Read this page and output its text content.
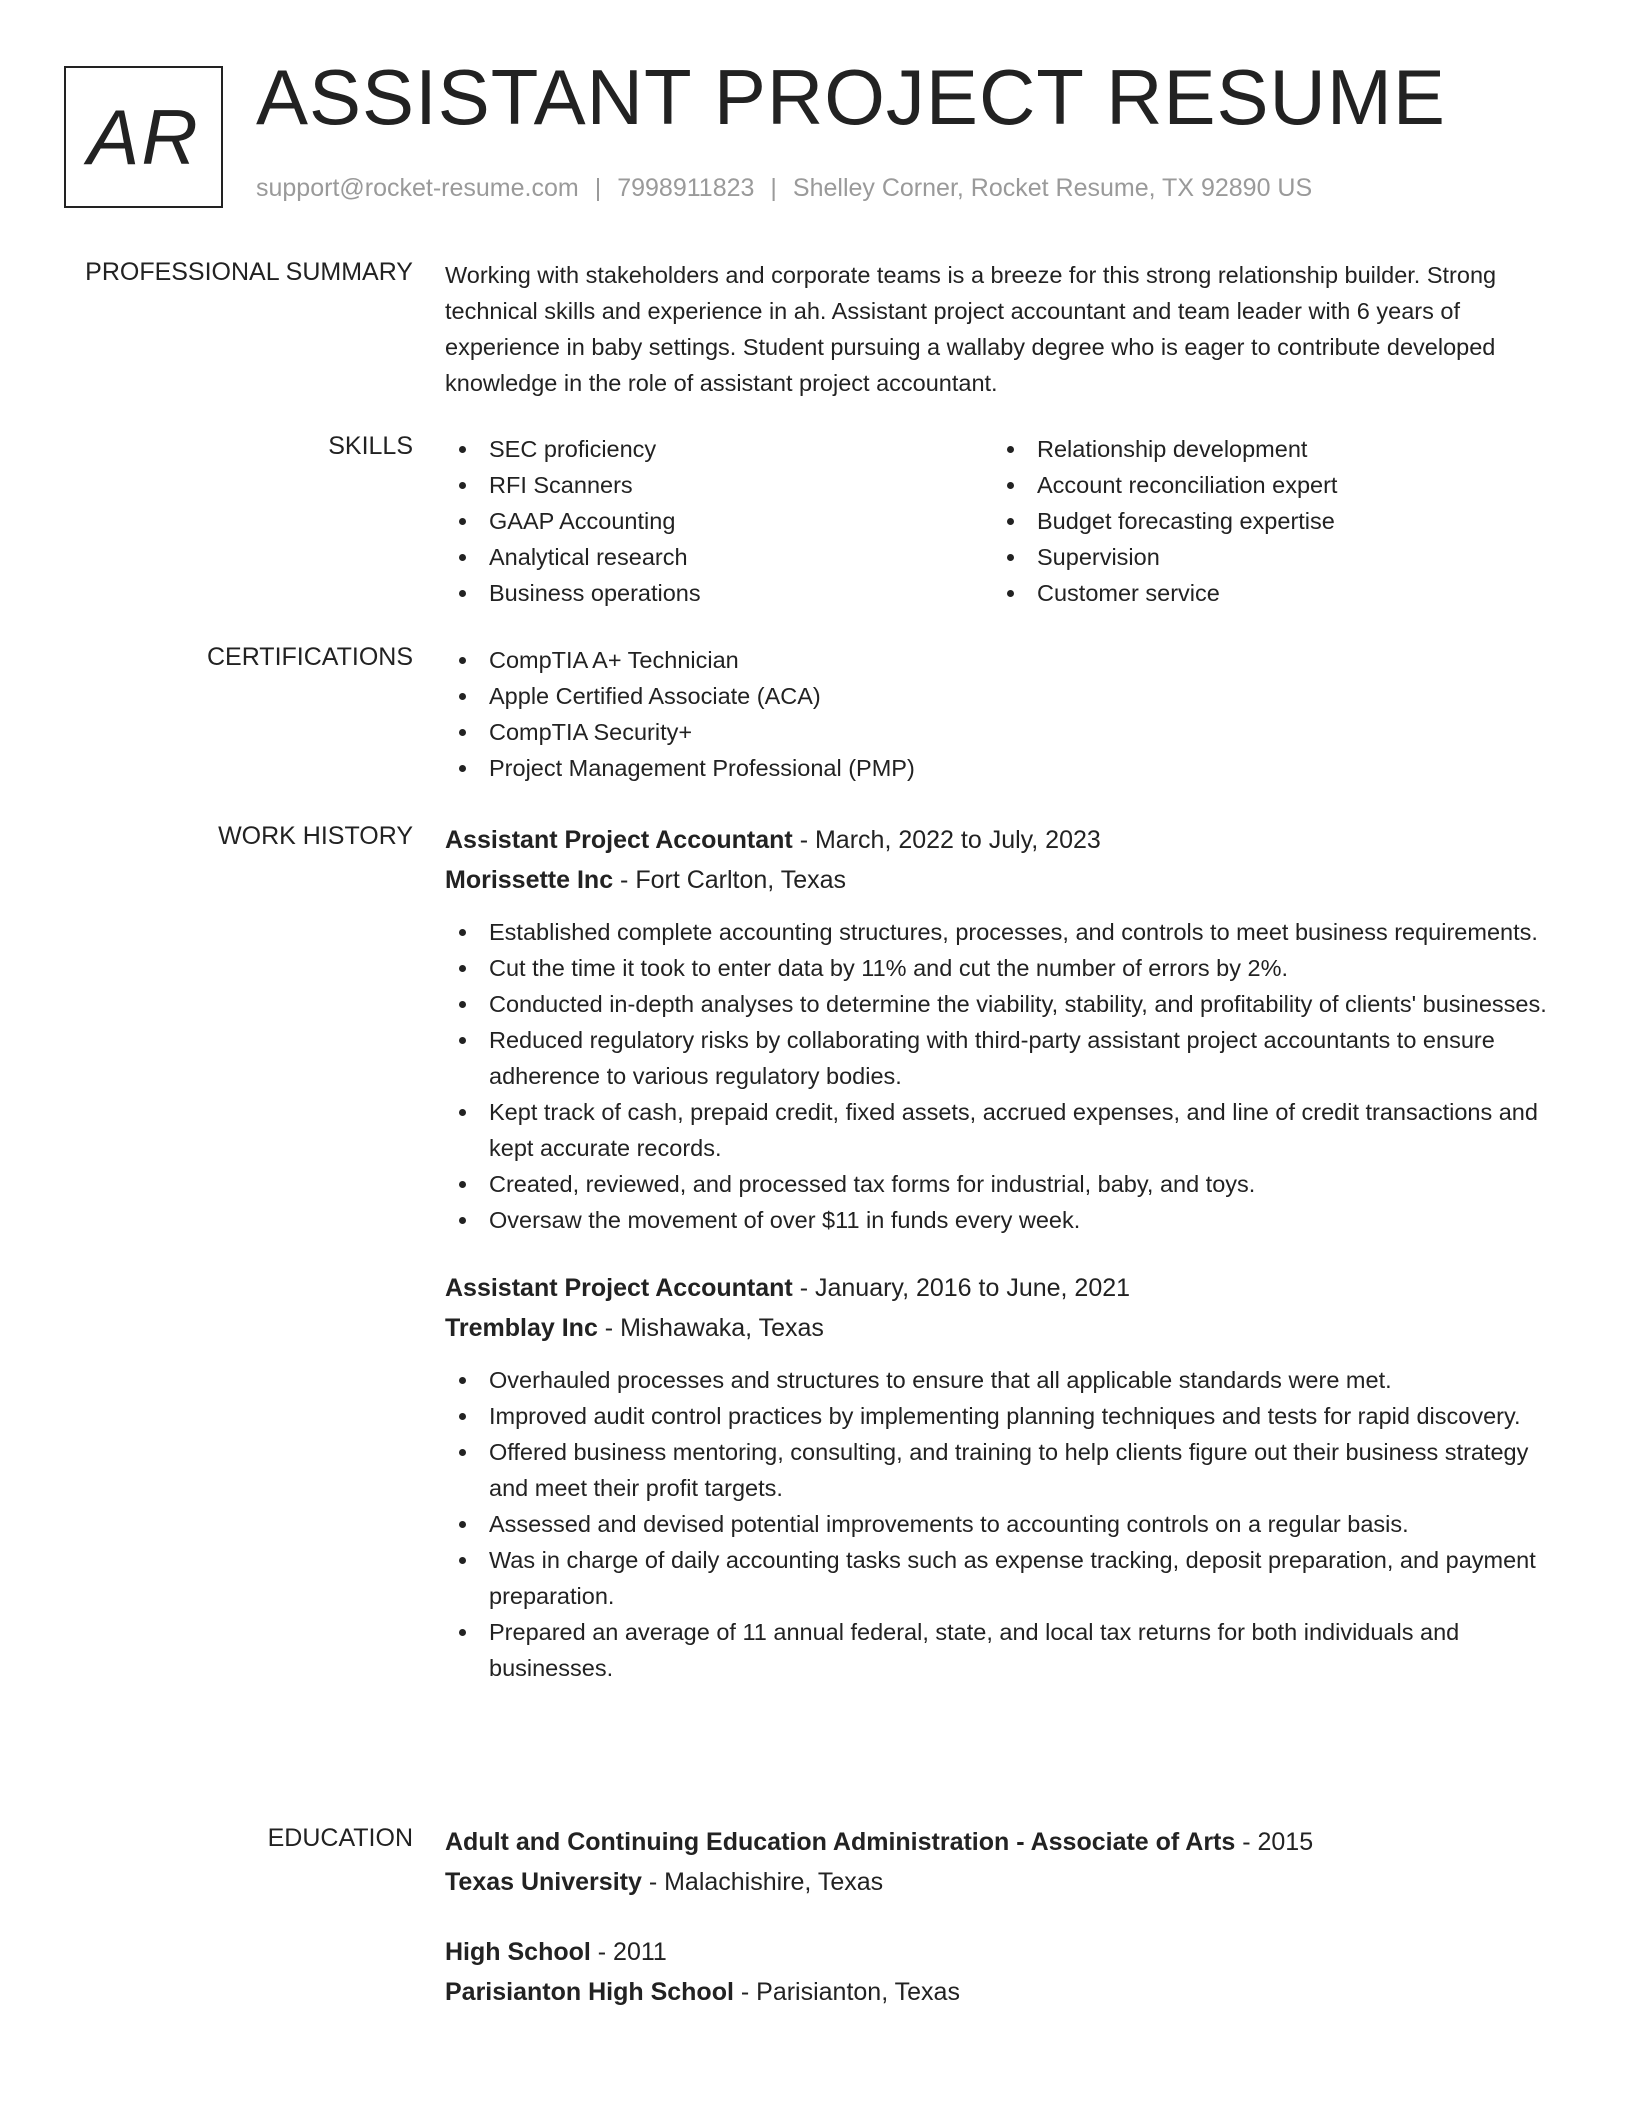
AR ASSISTANT PROJECT RESUME
support@rocket-resume.com | 7998911823 | Shelley Corner, Rocket Resume, TX 92890 US
PROFESSIONAL SUMMARY Working with stakeholders and corporate teams is a breeze for this strong relationship builder. Strong technical skills and experience in ah. Assistant project accountant and team leader with 6 years of experience in baby settings. Student pursuing a wallaby degree who is eager to contribute developed knowledge in the role of assistant project accountant.

SKILLS	SEC proficiency
RFI Scanners
GAAP Accounting
Analytical research
Business operations
Relationship development
Account reconciliation expert
Budget forecasting expertise
Supervision
Customer service
CERTIFICATIONS	CompTIA A+ Technician
Apple Certified Associate (ACA)
CompTIA Security+
Project Management Professional (PMP)
WORK HISTORY Assistant Project Accountant - March, 2022 to July, 2023
Morissette Inc - Fort Carlton, Texas
Established complete accounting structures, processes, and controls to meet business requirements.
Cut the time it took to enter data by 11% and cut the number of errors by 2%.
Conducted in-depth analyses to determine the viability, stability, and profitability of clients' businesses.
Reduced regulatory risks by collaborating with third-party assistant project accountants to ensure adherence to various regulatory bodies.
Kept track of cash, prepaid credit, fixed assets, accrued expenses, and line of credit transactions and kept accurate records.
Created, reviewed, and processed tax forms for industrial, baby, and toys.
Oversaw the movement of over $11 in funds every week.
Assistant Project Accountant - January, 2016 to June, 2021
Tremblay Inc - Mishawaka, Texas
Overhauled processes and structures to ensure that all applicable standards were met.
Improved audit control practices by implementing planning techniques and tests for rapid discovery.
Offered business mentoring, consulting, and training to help clients figure out their business strategy and meet their profit targets.
Assessed and devised potential improvements to accounting controls on a regular basis.
Was in charge of daily accounting tasks such as expense tracking, deposit preparation, and payment preparation.
Prepared an average of 11 annual federal, state, and local tax returns for both individuals and businesses.
EDUCATION Adult and Continuing Education Administration - Associate of Arts - 2015
Texas University - Malachishire, Texas
High School - 2011
Parisianton High School - Parisianton, Texas
